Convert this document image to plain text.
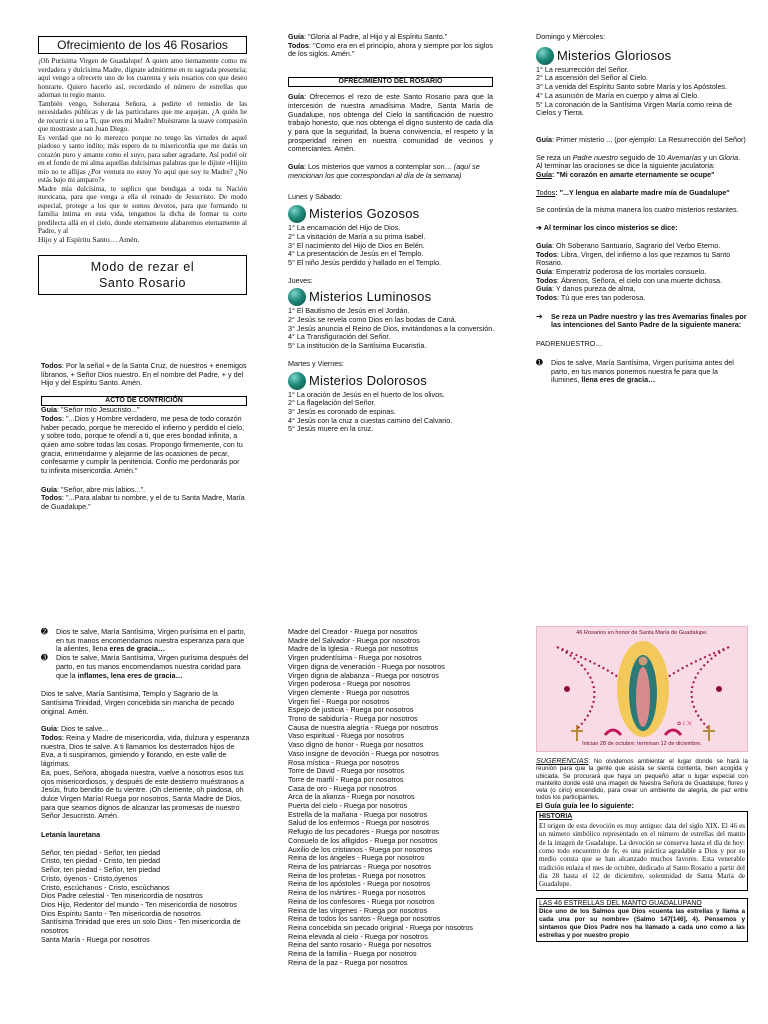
Ofrecimiento de los 46 Rosarios

¡Oh Purísima Virgen de Guadalupe! A quien amo tiernamente como mi verdadera y dulcísima Madre, dígnate admitirme en tu sagrada presencia; aquí vengo a ofrecerte uno de los cuarenta y seis rosarios con que deseo honrarte. Quiero hacerlo así, recordando el número de estrellas que adornan tu regio manto.

También vengo, Soberana Señora, a pedirte el remedio de las necesidades públicas y de las particulares que me aquejan. ¿A quién he de recurrir si no a Ti, que eres mi Madre? Muéstrame la suave compasión que mostraste a san Juan Diego.

Es verdad que no lo merezco porque no tengo las virtudes de aquel piadoso y santo indito; más espero de tu misericordia que me darás un corazón puro y amante como el suyo, para saber agradarte. Así podré oír en el fondo de mi alma aquellas dulcísimas palabras que le dijiste «Hijito mío no te aflijas ¿Por ventura no estoy Yo aquí que soy tu Madre? ¿No estás bajo mi amparo?»

Madre mía dulcísima, te suplico que bendigas a toda tu Nación mexicana, para que venga a ella el reinado de Jesucristo. De modo especial, protege a los que te somos devotos, para que formando tu familia íntima en esta vida, tengamos la dicha de formar tu corte predilecta allá en el cielo, donde eternamente alabaremos eternamente al Padre, y al

Hijo y al Espíritu Santo… Amén.

Modo de rezar el
Santo Rosario

Todos: Por la señal + de la Santa Cruz, de nuestros + enemigos líbranos, + Señor Dios nuestro. En el nombre del Padre, + y del Hijo y del Espíritu Santo. Amén.

ACTO DE CONTRICIÓN

Guía: "Señor mío Jesucristo..."

Todos: "...Dios y Hombre verdadero, me pesa de todo corazón haber pecado, porque he merecido el infierno y perdido el cielo, y sobre todo, porque te ofendí a ti, que eres bondad infinita, a quien amo sobre todas las cosas. Propongo firmemente, con tu gracia, enmendarme y alejarme de las ocasiones de pecar, confesarme y cumplir la penitencia. Confío me perdonarás por tu infinita misericordia. Amén."

Guía: "Señor, abre mis labios...".

Todos: "...Para alabar tu nombre, y el de tu Santa Madre, María de Guadalupe."

Guía: "Gloria al Padre, al Hijo y al Espíritu Santo."

Todos: "Como era en el principio, ahora y siempre por los siglos de los siglos. Amén."

OFRECIMIENTO DEL ROSARIO

Guía: Ofrecemos el rezo de este Santo Rosario para que la intercesión de nuestra amadísima Madre, Santa María de Guadalupe, nos obtenga del Cielo la santificación de nuestro trabajo honesto, que nos obtenga el digno sustento de cada día y para que la seguridad, la buena convivencia, el respeto y la prosperidad reinen en nuestra comunidad de vecinos y comerciantes. Amén.

Guía: Los misterios que vamos a contemplar son… (aquí se mencionan los que correspondan al día de la semana)

Lunes y Sábado:

Misterios Gozosos
1° La encarnación del Hijo de Dios.
2° La visitación de María a su prima Isabel.
3° El nacimiento del Hijo de Dios en Belén.
4° La presentación de Jesús en el Templo.
5° El niño Jesús perdido y hallado en el Templo.

Jueves:

Misterios Luminosos
1° El Bautismo de Jesús en el Jordán.
2° Jesús se revela como Dios en las bodas de Caná.
3° Jesús anuncia el Reino de Dios, invitándonos a la conversión.
4° La Transfiguración del Señor.
5° La institución de la Santísima Eucaristía.

Martes y Viernes:

Misterios Dolorosos
1° La oración de Jesús en el huerto de los olivos.
2° La flagelación del Señor.
3° Jesús es coronado de espinas.
4° Jesús con la cruz a cuestas camino del Calvario.
5° Jesús muere en la cruz.

Domingo y Miércoles:

Misterios Gloriosos
1° La resurrección del Señor.
2° La ascensión del Señor al Cielo.
3° La venida del Espíritu Santo sobre María y los Apóstoles.
4° La asunción de María en cuerpo y alma al Cielo.
5° La coronación de la Santísima Virgen María como reina de Cielos y Tierra.

Guía: Primer misterio ... (por ejemplo: La Resurrección del Señor)

Se reza un Padre nuestro seguido de 10 Avemarías y un Gloria.

Al terminar las oraciones se dice la siguiente jaculatoria:

Guía: "Mi corazón en amarte eternamente se ocupe"

Todos: "...Y lengua en alabarte madre mía de Guadalupe"

Se continúa de la misma manera los cuatro misterios restantes.

➔ Al terminar los cinco misterios se dice:

Guía: Oh Soberano Santuario, Sagrario del Verbo Eterno.

Todos: Libra, Virgen, del infierno a los que rezamos tu Santo Rosario.

Guía: Emperatriz poderosa de los mortales consuelo.

Todos: Ábrenos, Señora, el cielo con una muerte dichosa.

Guía: Y danos pureza de alma,

Todos: Tú que eres tan poderosa.

➔	Se reza un Padre nuestro y las tres Avemarías finales por las intenciones del Santo Padre de la siguiente manera:

PADRENUESTRO…

➊	Dios te salve, María Santísima, Virgen purísima antes del parto, en tus manos ponemos nuestra fe para que la ilumines, llena eres de gracia…
➋	Dios te salve, María Santísima, Virgen purísima en el parto, en tus manos encomendamos nuestra esperanza para que la alientes, llena eres de gracia…
➌	Dios te salve, María Santísima, Virgen purísima después del parto, en tus manos encomendamos nuestra caridad para que la inflames, lena eres de gracia…

Dios te salve, María Santísima, Templo y Sagrario de la Santísima Trinidad, Virgen concebida sin mancha de pecado original. Amén.

Guía: Dios te salve...

Todos: Reina y Madre de misericordia, vida, dulzura y esperanza nuestra, Dios te salve. A ti llamamos los desterrados hijos de Eva, a ti suspiramos, gimiendo y llorando, en este valle de lágrimas.

Ea, pues, Señora, abogada nuestra, vuelve a nosotros esos tus ojos misericordiosos, y después de este destierro muéstranos a Jesús, fruto bendito de tu vientre. ¡Oh clemente, oh piadosa, oh dulce Virgen María! Ruega por nosotros, Santa Madre de Dios, para que seamos dignos de alcanzar las promesas de nuestro Señor Jesucristo. Amén.

Letanía lauretana

Señor, ten piedad - Señor, ten piedad
Cristo, ten piedad - Cristo, ten piedad
Señor, ten piedad - Señor, ten piedad
Cristo, óyenos - Cristo,óyenos
Cristo, escúchanos - Cristo, escúchanos
Dios Padre celestial - Ten misericordia de nosotros
Dios Hijo, Redentor del mundo - Ten misericordia de nosotros
Dios Espíritu Santo - Ten misericordia de nosotros
Santísima Trinidad que eres un solo Dios - Ten misericordia de nosotros
Santa María - Ruega por nosotros
Madre del Creador - Ruega por nosotros
Madre del Salvador - Ruega por nosotros
Madre de la Iglesia - Ruega por nosotros
Virgen prudentísima - Ruega por nosotros
Virgen digna de veneración - Ruega por nosotros
Virgen digna de alabanza - Ruega por nosotros
Virgen poderosa - Ruega por nosotros
Virgen clemente - Ruega por nosotros
Virgen fiel - Ruega por nosotros
Espejo de justicia - Ruega por nosotros
Trono de sabiduría - Ruega por nosotros
Causa de nuestra alegría - Ruega por nosotros
Vaso espiritual - Ruega por nosotros
Vaso digno de honor - Ruega por nosotros
Vaso insigne de devoción - Ruega por nosotros
Rosa mística - Ruega por nosotros
Torre de David - Ruega por nosotros
Torre de marfil - Ruega por nosotros
Casa de oro - Ruega por nosotros
Arca de la alianza - Ruega por nosotros
Puerta del cielo - Ruega por nosotros
Estrella de la mañana - Ruega por nosotros
Salud de los enfermos - Ruega por nosotros
Refugio de los pecadores - Ruega por nosotros
Consuelo de los afligidos - Ruega por nosotros
Auxilio de los cristianos - Ruega por nosotros
Reina de los ángeles - Ruega por nosotros
Reina de los patriarcas - Ruega por nosotros
Reina de los profetas - Ruega por nosotros
Reina de los apóstoles - Ruega por nosotros
Reina de los mártires - Ruega por nosotros
Reina de los confesores - Ruega por nosotros
Reina de las vírgenes - Ruega por nosotros
Reina de todos los santos - Ruega por nosotros
Reina concebida sin pecado original - Ruega por nosotros
Reina elevada al cielo - Ruega por nosotros
Reina del santo rosario - Ruega por nosotros
Reina de la familia - Ruega por nosotros
Reina de la paz - Ruega por nosotros
46 Rosarios en honor de Santa María de Guadalupe.
✿ ℰ ℳ
Inician 28 de octubre; terminan 12 de diciembre.

SUGERENCIAS: No olvidemos ambientar el lugar donde se hará la reunión para que la gente que asista se sienta contenta, bien acogida y ubicada. Se procurará que haya un pequeño altar o lugar especial con mantelito donde esté una imagen de Nuestra Señora de Guadalupe, flores y vela (o cirio) encendido, para crear un ambiente de alegría, de paz entre todos los participantes.

El Guía guía lee lo siguiente:

HISTORIA

El origen de esta devoción es muy antiguo: data del siglo XIX. El 46 es un número simbólico representado en el número de estrellas del manto de la imagen de Guadalupe. La devoción se conserva hasta el día de hoy: como todo encuentro de fe, es una práctica agradable a Dios y por su medio consta que se han alcanzado muchos favores. Esta venerable tradición enlaza el mes de octubre, dedicado al Santo Rosario a partir del día 28 hasta el 12 de diciembre, solemnidad de Santa María de Guadalupe.

LAS 46 ESTRELLAS DEL MANTO GUADALUPANO

Dice uno de los Salmos que Dios «cuenta las estrellas y llama a cada una por su nombre» (Salmo 147[146], 4). Pensemos y sintamos que Dios Padre nos ha llamado a cada uno como a las estrellas y por nuestro propio
